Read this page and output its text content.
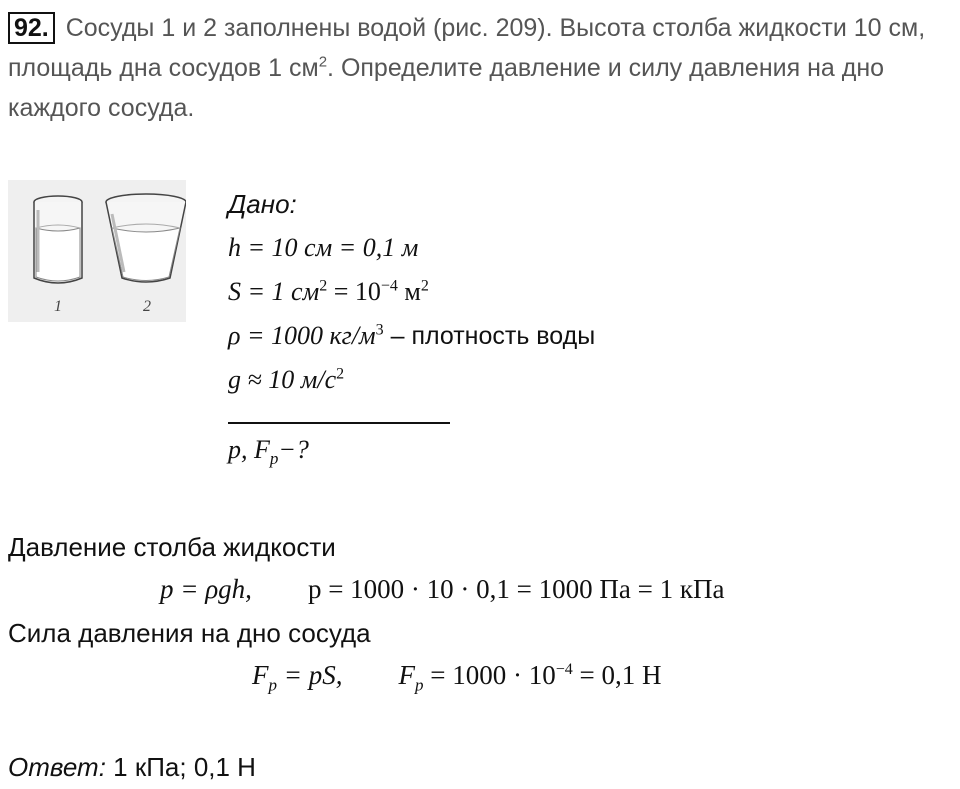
92. Сосуды 1 и 2 заполнены водой (рис. 209). Высота столба жидкости 10 см, площадь дна сосудов 1 $см^2$. Определите давление и силу давления на дно каждого сосуда.
1	2
Дано:
h = 10 см = 0,1 м
S = 1 $см^2 = 10^{-4}$ $м^2$
ρ = 1000 $кг/м^3$ – плотность воды
g ≈ 10 $м/с^2$
p, $F_p-$?
Давление столба жидкости
p = ρgh, p = 1000 · 10 · 0,1 = 1000 Па = 1 кПа
Сила давления на дно сосуда
$F_p$ = pS, $F_p = 1000 \cdot 10^{-4} = 0,1$ Н
Ответ: 1 кПа; 0,1 Н
